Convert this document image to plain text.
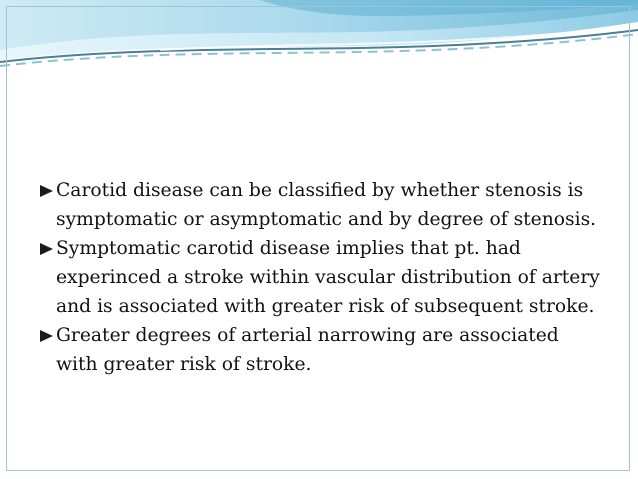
Carotid disease can be classified by whether stenosis is symptomatic or asymptomatic and by degree of stenosis.
Symptomatic carotid disease implies that pt. had experinced a stroke within vascular distribution of artery and is associated with greater risk of subsequent stroke.
Greater degrees of arterial narrowing are associated with greater risk of stroke.
